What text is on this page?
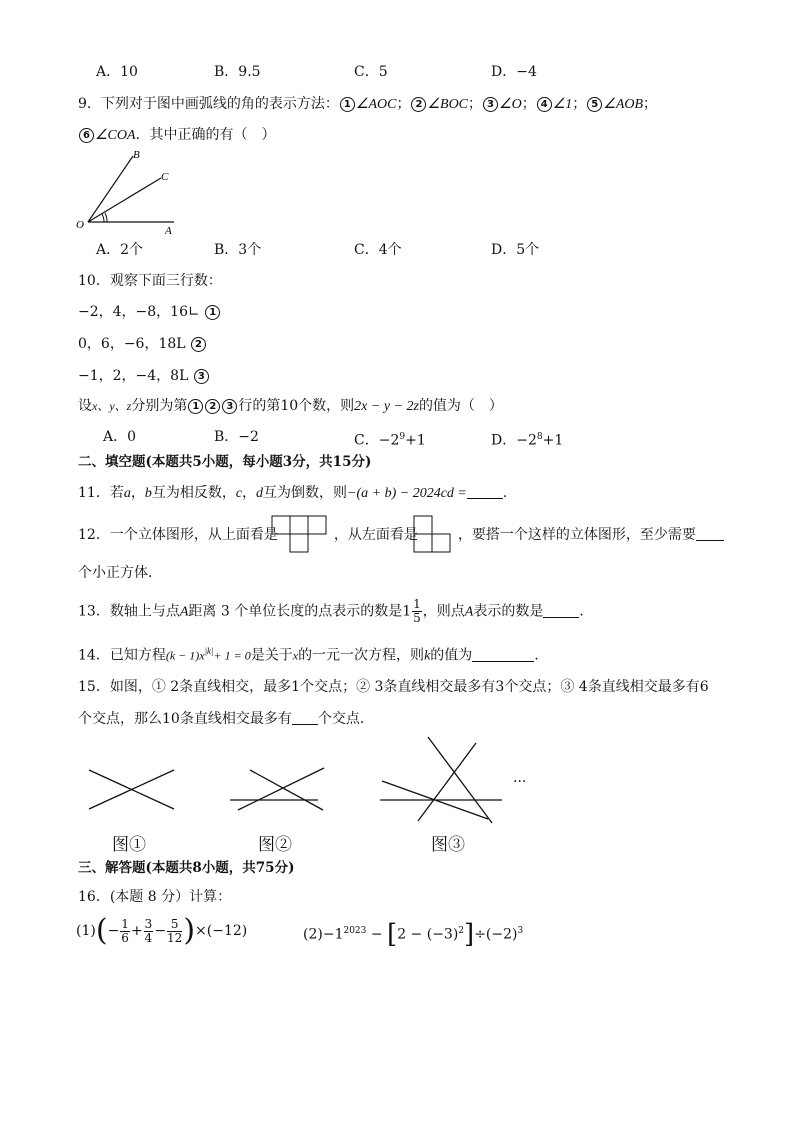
A．10	B．9.5	C．5	D．−4
9．下列对于图中画弧线的角的表示方法： 1 ∠AOC； 2 ∠BOC； 3 ∠O； 4 ∠1； 5 ∠AOB；
6 ∠COA．其中正确的有（　）
B
C
O	A
A．2个	B．3个	C．4个	D．5个
10．观察下面三行数：
−2，4，−8，16∟ 1
0，6，−6，18L 2
−1，2，−4，8L 3
设x、y、z分别为第 1 2 3 行的第10个数，则2x − y − 2z的值为（　）
A．0	B．−2	C．$-2^9+1$	D．$-2^8+1$
二、填空题(本题共5小题，每小题3分，共15分)
11．若a，b互为相反数，c，d互为倒数，则−(a + b) − 2024cd =	.
12．一个立体图形，从上面看是	，从左面看是	，要搭一个这样的立体图形，至少需要
个小正方体．
13．数轴上与点A距离 3 个单位长度的点表示的数是$1 \frac{1}{5}$ ，则点A表示的数是	．
14．已知方程$(k - 1)x^{|k|}+ 1 = 0$是关于x的一元一次方程，则k的值为	.
15．如图，① 2条直线相交，最多1个交点；② 3条直线相交最多有3个交点；③ 4条直线相交最多有6
个交点，那么10条直线相交最多有 个交点．
···
图①	图②	图③
三、解答题(本题共8小题，共75分)
16．(本题 8 分）计算：
$(1)(- \frac{1}{6} + \frac{3}{4} - \frac{5}{12} )\times(-12)$	$(2)-1^{2023} - [2 - (-3)^2]\div(-2)^3$
